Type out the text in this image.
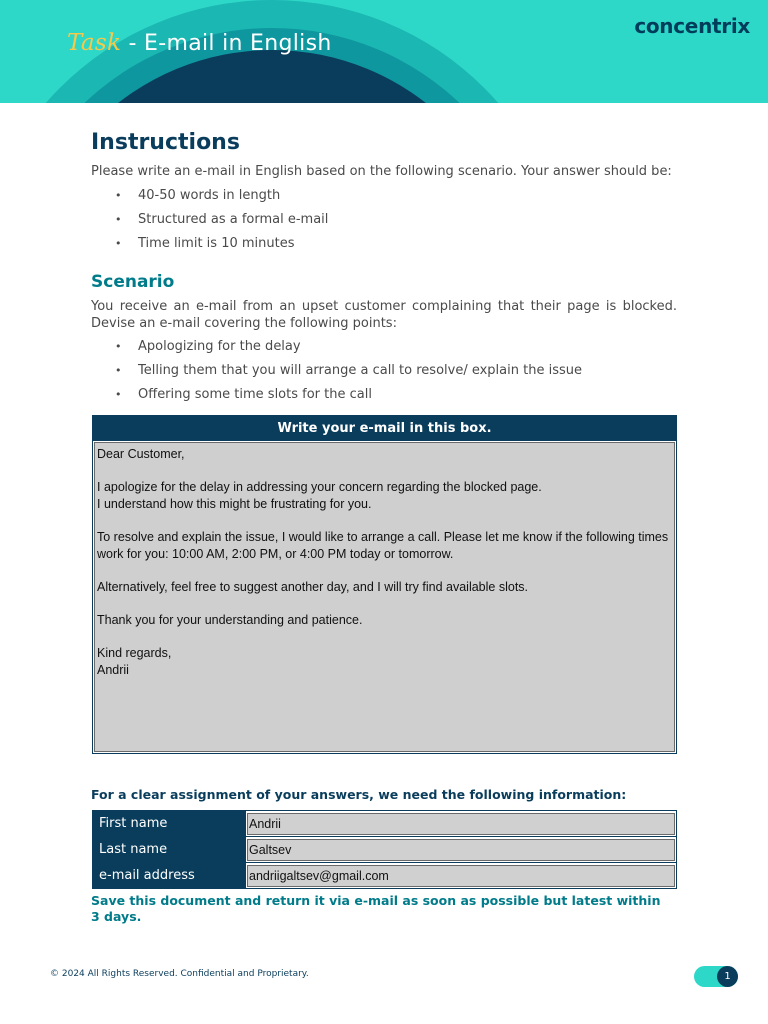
Task - E-mail in English
concentrix
Instructions

Please write an e-mail in English based on the following scenario. Your answer should be:

• 40-50 words in length
• Structured as a formal e-mail
• Time limit is 10 minutes
Scenario

You receive an e-mail from an upset customer complaining that their page is blocked. Devise an e-mail covering the following points:

• Apologizing for the delay
• Telling them that you will arrange a call to resolve/ explain the issue
• Offering some time slots for the call
Write your e-mail in this box.
Dear Customer,

I apologize for the delay in addressing your concern regarding the blocked page.
I understand how this might be frustrating for you.

To resolve and explain the issue, I would like to arrange a call. Please let me know if the following times work for you: 10:00 AM, 2:00 PM, or 4:00 PM today or tomorrow.

Alternatively, feel free to suggest another day, and I will try find available slots.

Thank you for your understanding and patience.

Kind regards,
Andrii
For a clear assignment of your answers, we need the following information:
First name	Andrii

Last name	Galtsev

e-mail address	andriigaltsev@gmail.com
Save this document and return it via e-mail as soon as possible but latest within 3 days.
© 2024 All Rights Reserved. Confidential and Proprietary.	1
